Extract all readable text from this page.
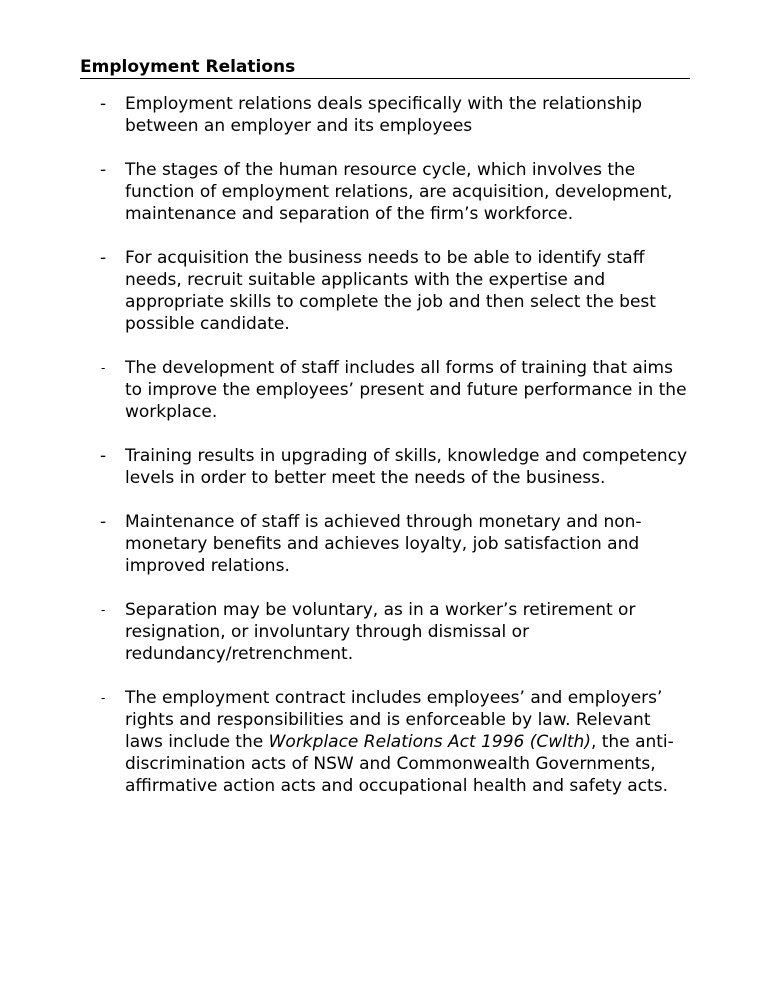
Employment Relations
- Employment relations deals specifically with the relationship between an employer and its employees
- The stages of the human resource cycle, which involves the function of employment relations, are acquisition, development, maintenance and separation of the firm’s workforce.
- For acquisition the business needs to be able to identify staff needs, recruit suitable applicants with the expertise and appropriate skills to complete the job and then select the best possible candidate.
- The development of staff includes all forms of training that aims to improve the employees’ present and future performance in the workplace.
- Training results in upgrading of skills, knowledge and competency levels in order to better meet the needs of the business.
- Maintenance of staff is achieved through monetary and non-monetary benefits and achieves loyalty, job satisfaction and improved relations.
- Separation may be voluntary, as in a worker’s retirement or resignation, or involuntary through dismissal or redundancy/retrenchment.
- The employment contract includes employees’ and employers’ rights and responsibilities and is enforceable by law. Relevant laws include the Workplace Relations Act 1996 (Cwlth), the anti-discrimination acts of NSW and Commonwealth Governments, affirmative action acts and occupational health and safety acts.
